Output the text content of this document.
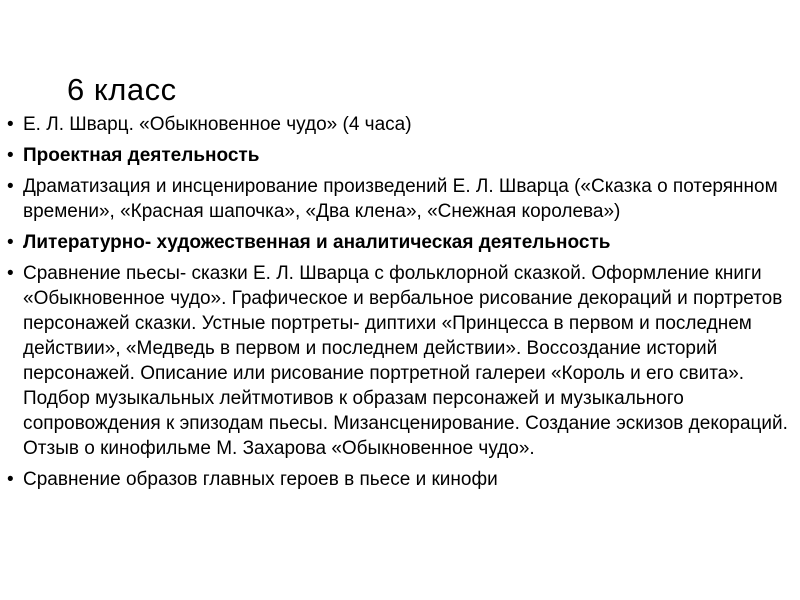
6 класс
• Е. Л. Шварц. «Обыкновенное чудо» (4 часа)
• Проектная деятельность
• Драматизация и инсценирование произведений Е. Л. Шварца («Сказка о потерянном времени», «Красная шапочка», «Два клена», «Снежная королева»)
• Литературно- художественная и аналитическая деятельность
• Сравнение пьесы- сказки Е. Л. Шварца с фольклорной сказкой. Оформление книги «Обыкновенное чудо». Графическое и вербальное рисование декораций и портретов персонажей сказки. Устные портреты- диптихи «Принцесса в первом и последнем действии», «Медведь в первом и последнем действии». Воссоздание историй персонажей. Описание или рисование портретной галереи «Король и его свита». Подбор музыкальных лейтмотивов к образам персонажей и музыкального сопровождения к эпизодам пьесы. Мизансценирование. Создание эскизов декораций. Отзыв о кинофильме М. Захарова «Обыкновенное чудо».
• Сравнение образов главных героев в пьесе и кинофи
